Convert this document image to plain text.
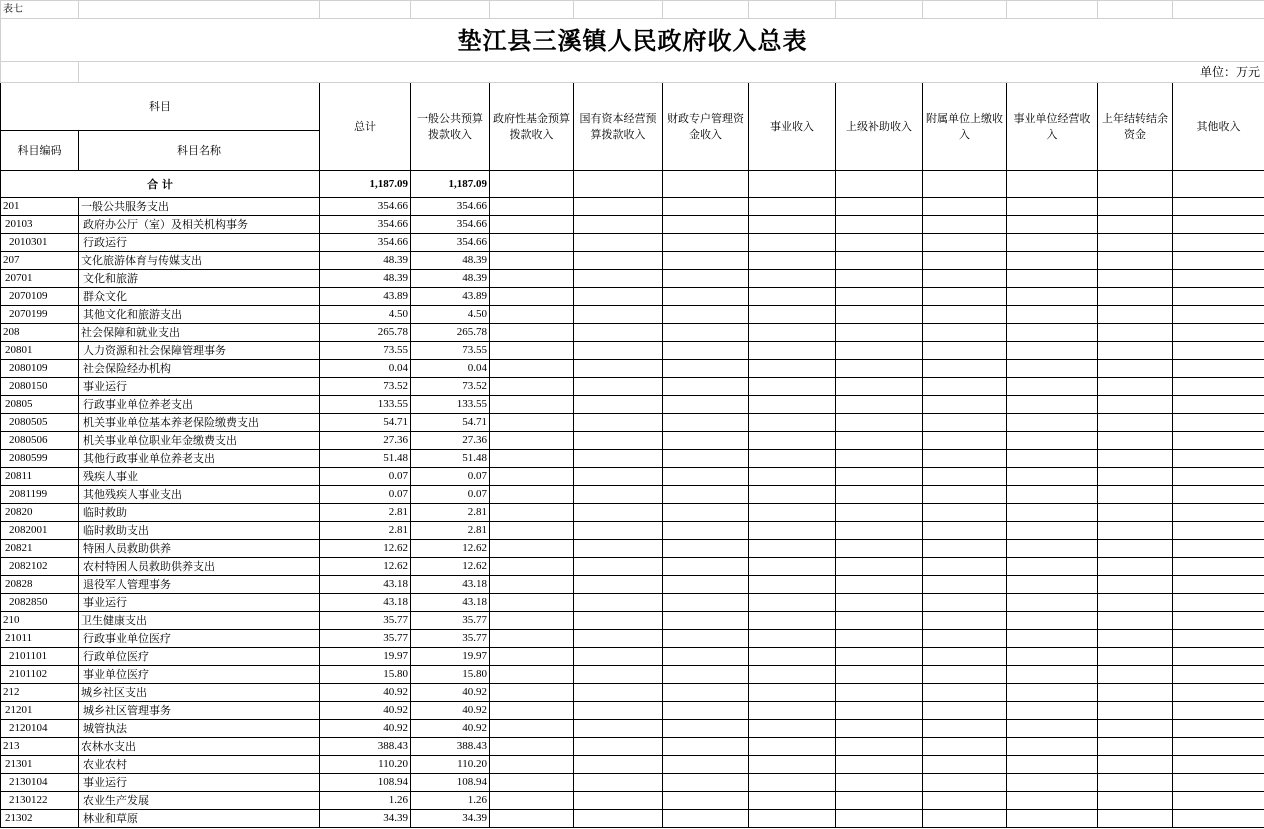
表七												
垫江县三溪镇人民政府收入总表												
	单位：万元											
科目		总计	一般公共预算拨款收入	政府性基金预算拨款收入	国有资本经营预算拨款收入	财政专户管理资金收入	事业收入	上级补助收入	附属单位上缴收入	事业单位经营收入	上年结转结余资金	其他收入
科目编码	科目名称											
合 计		1,187.09	1,187.09									
201	一般公共服务支出	354.66	354.66									
20103	政府办公厅（室）及相关机构事务	354.66	354.66									
2010301	行政运行	354.66	354.66									
207	文化旅游体育与传媒支出	48.39	48.39									
20701	文化和旅游	48.39	48.39									
2070109	群众文化	43.89	43.89									
2070199	其他文化和旅游支出	4.50	4.50									
208	社会保障和就业支出	265.78	265.78									
20801	人力资源和社会保障管理事务	73.55	73.55									
2080109	社会保险经办机构	0.04	0.04									
2080150	事业运行	73.52	73.52									
20805	行政事业单位养老支出	133.55	133.55									
2080505	机关事业单位基本养老保险缴费支出	54.71	54.71									
2080506	机关事业单位职业年金缴费支出	27.36	27.36									
2080599	其他行政事业单位养老支出	51.48	51.48									
20811	残疾人事业	0.07	0.07									
2081199	其他残疾人事业支出	0.07	0.07									
20820	临时救助	2.81	2.81									
2082001	临时救助支出	2.81	2.81									
20821	特困人员救助供养	12.62	12.62									
2082102	农村特困人员救助供养支出	12.62	12.62									
20828	退役军人管理事务	43.18	43.18									
2082850	事业运行	43.18	43.18									
210	卫生健康支出	35.77	35.77									
21011	行政事业单位医疗	35.77	35.77									
2101101	行政单位医疗	19.97	19.97									
2101102	事业单位医疗	15.80	15.80									
212	城乡社区支出	40.92	40.92									
21201	城乡社区管理事务	40.92	40.92									
2120104	城管执法	40.92	40.92									
213	农林水支出	388.43	388.43									
21301	农业农村	110.20	110.20									
2130104	事业运行	108.94	108.94									
2130122	农业生产发展	1.26	1.26									
21302	林业和草原	34.39	34.39									
